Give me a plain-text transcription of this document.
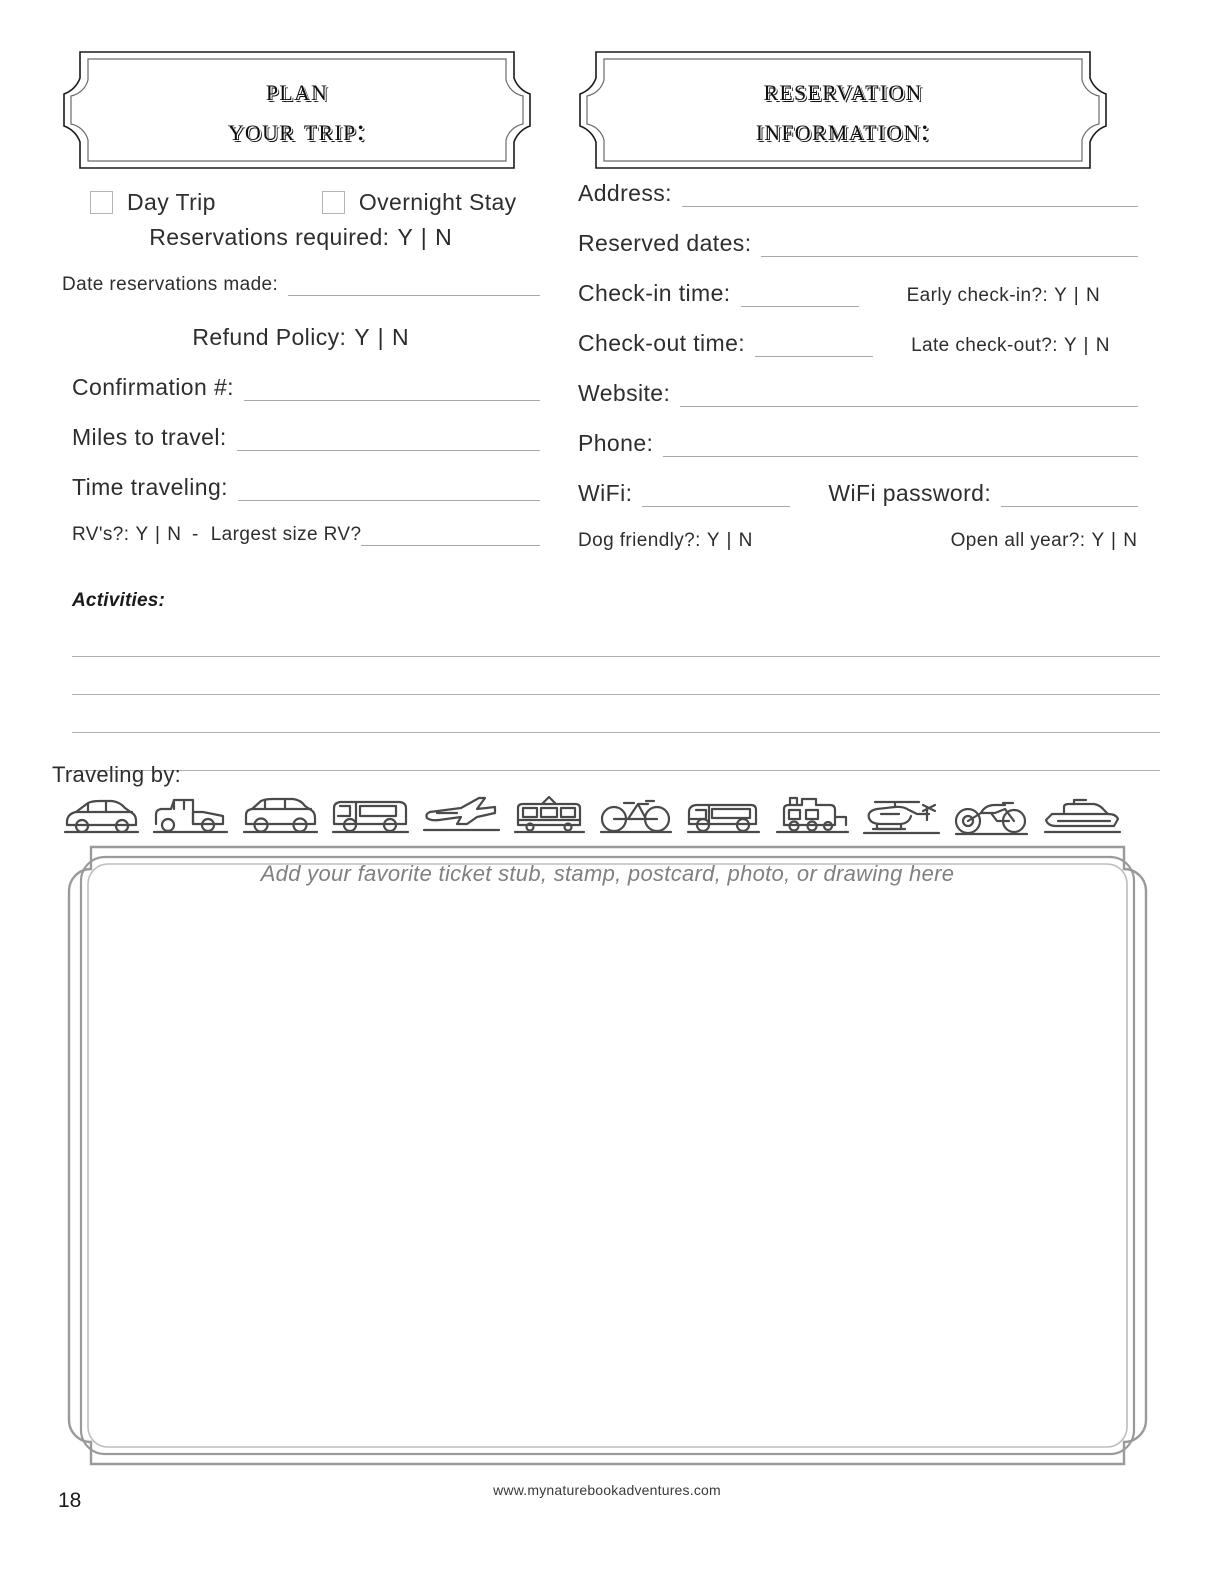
plan
your trip:
reservation
information:
Day Trip	Overnight Stay
Reservations required: Y | N
Date reservations made:
Refund Policy: Y | N
Confirmation #:
Miles to travel:
Time traveling:
RV's?: Y | N - Largest size RV?
Address:
Reserved dates:
Check-in time:	Early check-in?: Y | N
Check-out time:	Late check-out?: Y | N
Website:
Phone:
WiFi:	WiFi password:
Dog friendly?: Y | N	Open all year?: Y | N
Activities:
Traveling by:
Add your favorite ticket stub, stamp, postcard, photo, or drawing here
18	www.mynaturebookadventures.com
